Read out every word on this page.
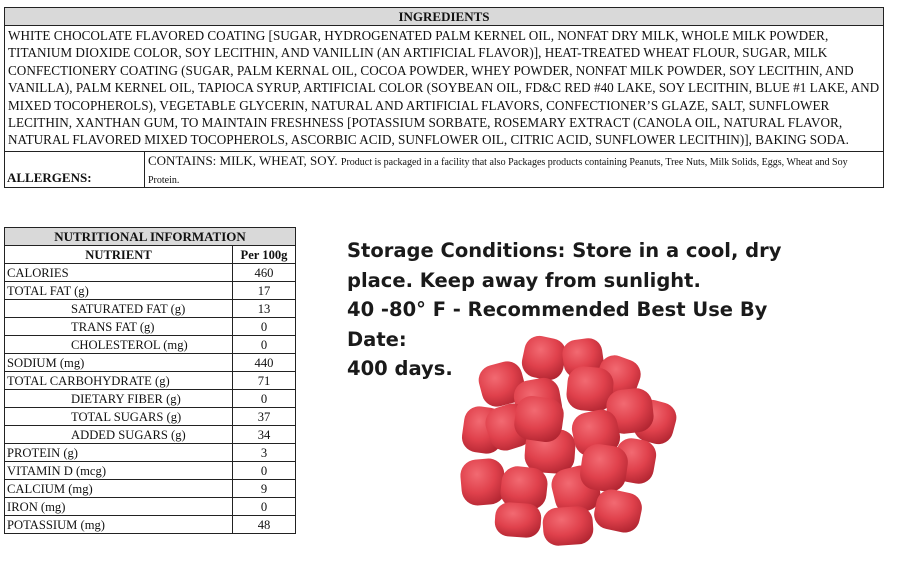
INGREDIENTS
WHITE CHOCOLATE FLAVORED COATING [SUGAR, HYDROGENATED PALM KERNEL OIL, NONFAT DRY MILK, WHOLE MILK POWDER, TITANIUM DIOXIDE COLOR, SOY LECITHIN, AND VANILLIN (AN ARTIFICIAL FLAVOR)], HEAT-TREATED WHEAT FLOUR, SUGAR, MILK CONFECTIONERY COATING (SUGAR, PALM KERNAL OIL, COCOA POWDER, WHEY POWDER, NONFAT MILK POWDER, SOY LECITHIN, AND VANILLA), PALM KERNEL OIL, TAPIOCA SYRUP, ARTIFICIAL COLOR (SOYBEAN OIL, FD&C RED #40 LAKE, SOY LECITHIN, BLUE #1 LAKE, AND MIXED TOCOPHEROLS), VEGETABLE GLYCERIN, NATURAL AND ARTIFICIAL FLAVORS, CONFECTIONER’S GLAZE, SALT, SUNFLOWER LECITHIN, XANTHAN GUM, TO MAINTAIN FRESHNESS [POTASSIUM SORBATE, ROSEMARY EXTRACT (CANOLA OIL, NATURAL FLAVOR, NATURAL FLAVORED MIXED TOCOPHEROLS, ASCORBIC ACID, SUNFLOWER OIL, CITRIC ACID, SUNFLOWER LECITHIN)], BAKING SODA.
ALLERGENS:
CONTAINS: MILK, WHEAT, SOY. Product is packaged in a facility that also Packages products containing Peanuts, Tree Nuts, Milk Solids, Eggs, Wheat and Soy Protein.
NUTRITIONAL INFORMATION	
NUTRIENT	Per 100g
CALORIES	460
TOTAL FAT (g)	17
SATURATED FAT (g)	13
TRANS FAT (g)	0
CHOLESTEROL (mg)	0
SODIUM (mg)	440
TOTAL CARBOHYDRATE (g)	71
DIETARY FIBER (g)	0
TOTAL SUGARS (g)	37
ADDED SUGARS (g)	34
PROTEIN (g)	3
VITAMIN D (mcg)	0
CALCIUM (mg)	9
IRON (mg)	0
POTASSIUM (mg)	48
Storage Conditions: Store in a cool, dry
place. Keep away from sunlight.
40 -80° F - Recommended Best Use By Date:
400 days.
